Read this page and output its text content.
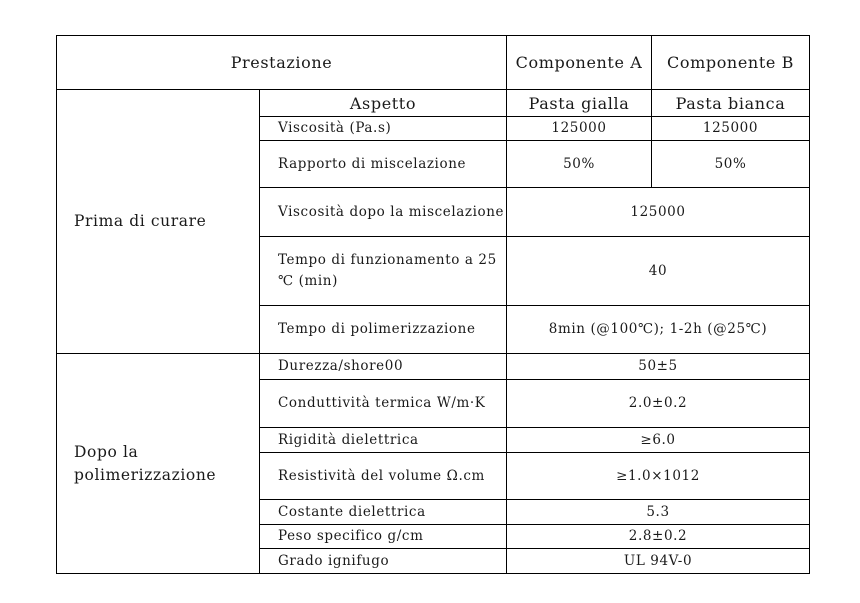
Prestazione		Componente A	Componente B
Prima di curare	Aspetto	Pasta gialla	Pasta bianca
	Viscosità (Pa.s)	125000	125000
	Rapporto di miscelazione	50%	50%
	Viscosità dopo la miscelazione	125000	
	Tempo di funzionamento a 25 ℃ (min)	40	
	Tempo di polimerizzazione	8min (@100℃); 1-2h (@25℃)	
Dopo la polimerizzazione	Durezza/shore00	50±5	
	Conduttività termica W/m·K	2.0±0.2	
	Rigidità dielettrica	≥6.0	
	Resistività del volume Ω.cm	≥1.0×1012	
	Costante dielettrica	5.3	
	Peso specifico g/cm	2.8±0.2	
	Grado ignifugo	UL 94V-0	
